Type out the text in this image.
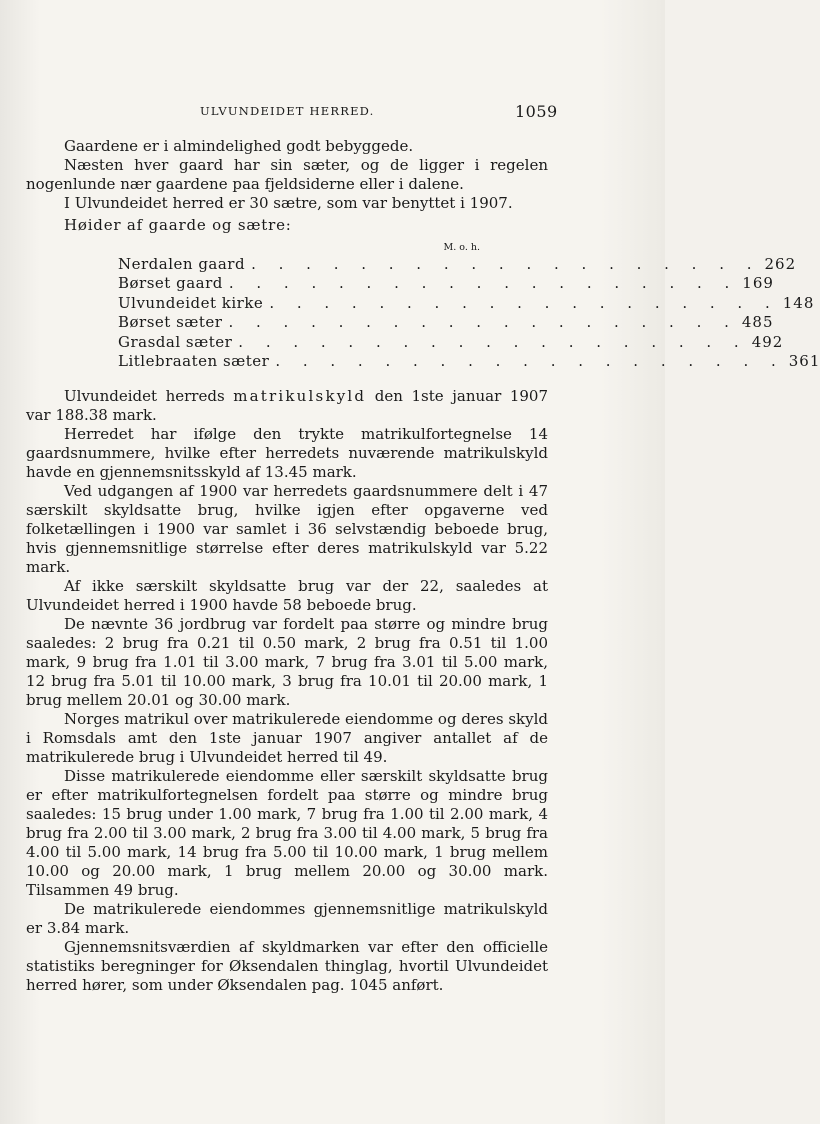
ULVUNDEIDET HERRED.	1059

Gaardene er i almindelighed godt bebyggede.

Næsten hver gaard har sin sæter, og de ligger i regelen nogenlunde nær gaardene paa fjeldsiderne eller i dalene.

I Ulvundeidet herred er 30 sætre, som var benyttet i 1907.

Høider af gaarde og sætre:

M. o. h.
Nerdalen gaard . . . . . . . . . . . . . . . . . . . 262
Børset gaard . . . . . . . . . . . . . . . . . . . 169
Ulvundeidet kirke . . . . . . . . . . . . . . . . . . . 148
Børset sæter . . . . . . . . . . . . . . . . . . . 485
Grasdal sæter . . . . . . . . . . . . . . . . . . . 492
Litlebraaten sæter . . . . . . . . . . . . . . . . . . . 361

Ulvundeidet herreds matrikulskyld den 1ste januar 1907 var 188.38 mark.

Herredet har ifølge den trykte matrikulfortegnelse 14 gaardsnummere, hvilke efter herredets nuværende matrikulskyld havde en gjennemsnitsskyld af 13.45 mark.

Ved udgangen af 1900 var herredets gaardsnummere delt i 47 særskilt skyldsatte brug, hvilke igjen efter opgaverne ved folketællingen i 1900 var samlet i 36 selvstændig beboede brug, hvis gjennemsnitlige størrelse efter deres matrikulskyld var 5.22 mark.

Af ikke særskilt skyldsatte brug var der 22, saaledes at Ulvundeidet herred i 1900 havde 58 beboede brug.

De nævnte 36 jordbrug var fordelt paa større og mindre brug saaledes: 2 brug fra 0.21 til 0.50 mark, 2 brug fra 0.51 til 1.00 mark, 9 brug fra 1.01 til 3.00 mark, 7 brug fra 3.01 til 5.00 mark, 12 brug fra 5.01 til 10.00 mark, 3 brug fra 10.01 til 20.00 mark, 1 brug mellem 20.01 og 30.00 mark.

Norges matrikul over matrikulerede eiendomme og deres skyld i Romsdals amt den 1ste januar 1907 angiver antallet af de matrikulerede brug i Ulvundeidet herred til 49.

Disse matrikulerede eiendomme eller særskilt skyldsatte brug er efter matrikulfortegnelsen fordelt paa større og mindre brug saaledes: 15 brug under 1.00 mark, 7 brug fra 1.00 til 2.00 mark, 4 brug fra 2.00 til 3.00 mark, 2 brug fra 3.00 til 4.00 mark, 5 brug fra 4.00 til 5.00 mark, 14 brug fra 5.00 til 10.00 mark, 1 brug mellem 10.00 og 20.00 mark, 1 brug mellem 20.00 og 30.00 mark. Tilsammen 49 brug.

De matrikulerede eiendommes gjennemsnitlige matrikulskyld er 3.84 mark.

Gjennemsnitsværdien af skyldmarken var efter den officielle statistiks beregninger for Øksendalen thinglag, hvortil Ulvundeidet herred hører, som under Øksendalen pag. 1045 anført.
